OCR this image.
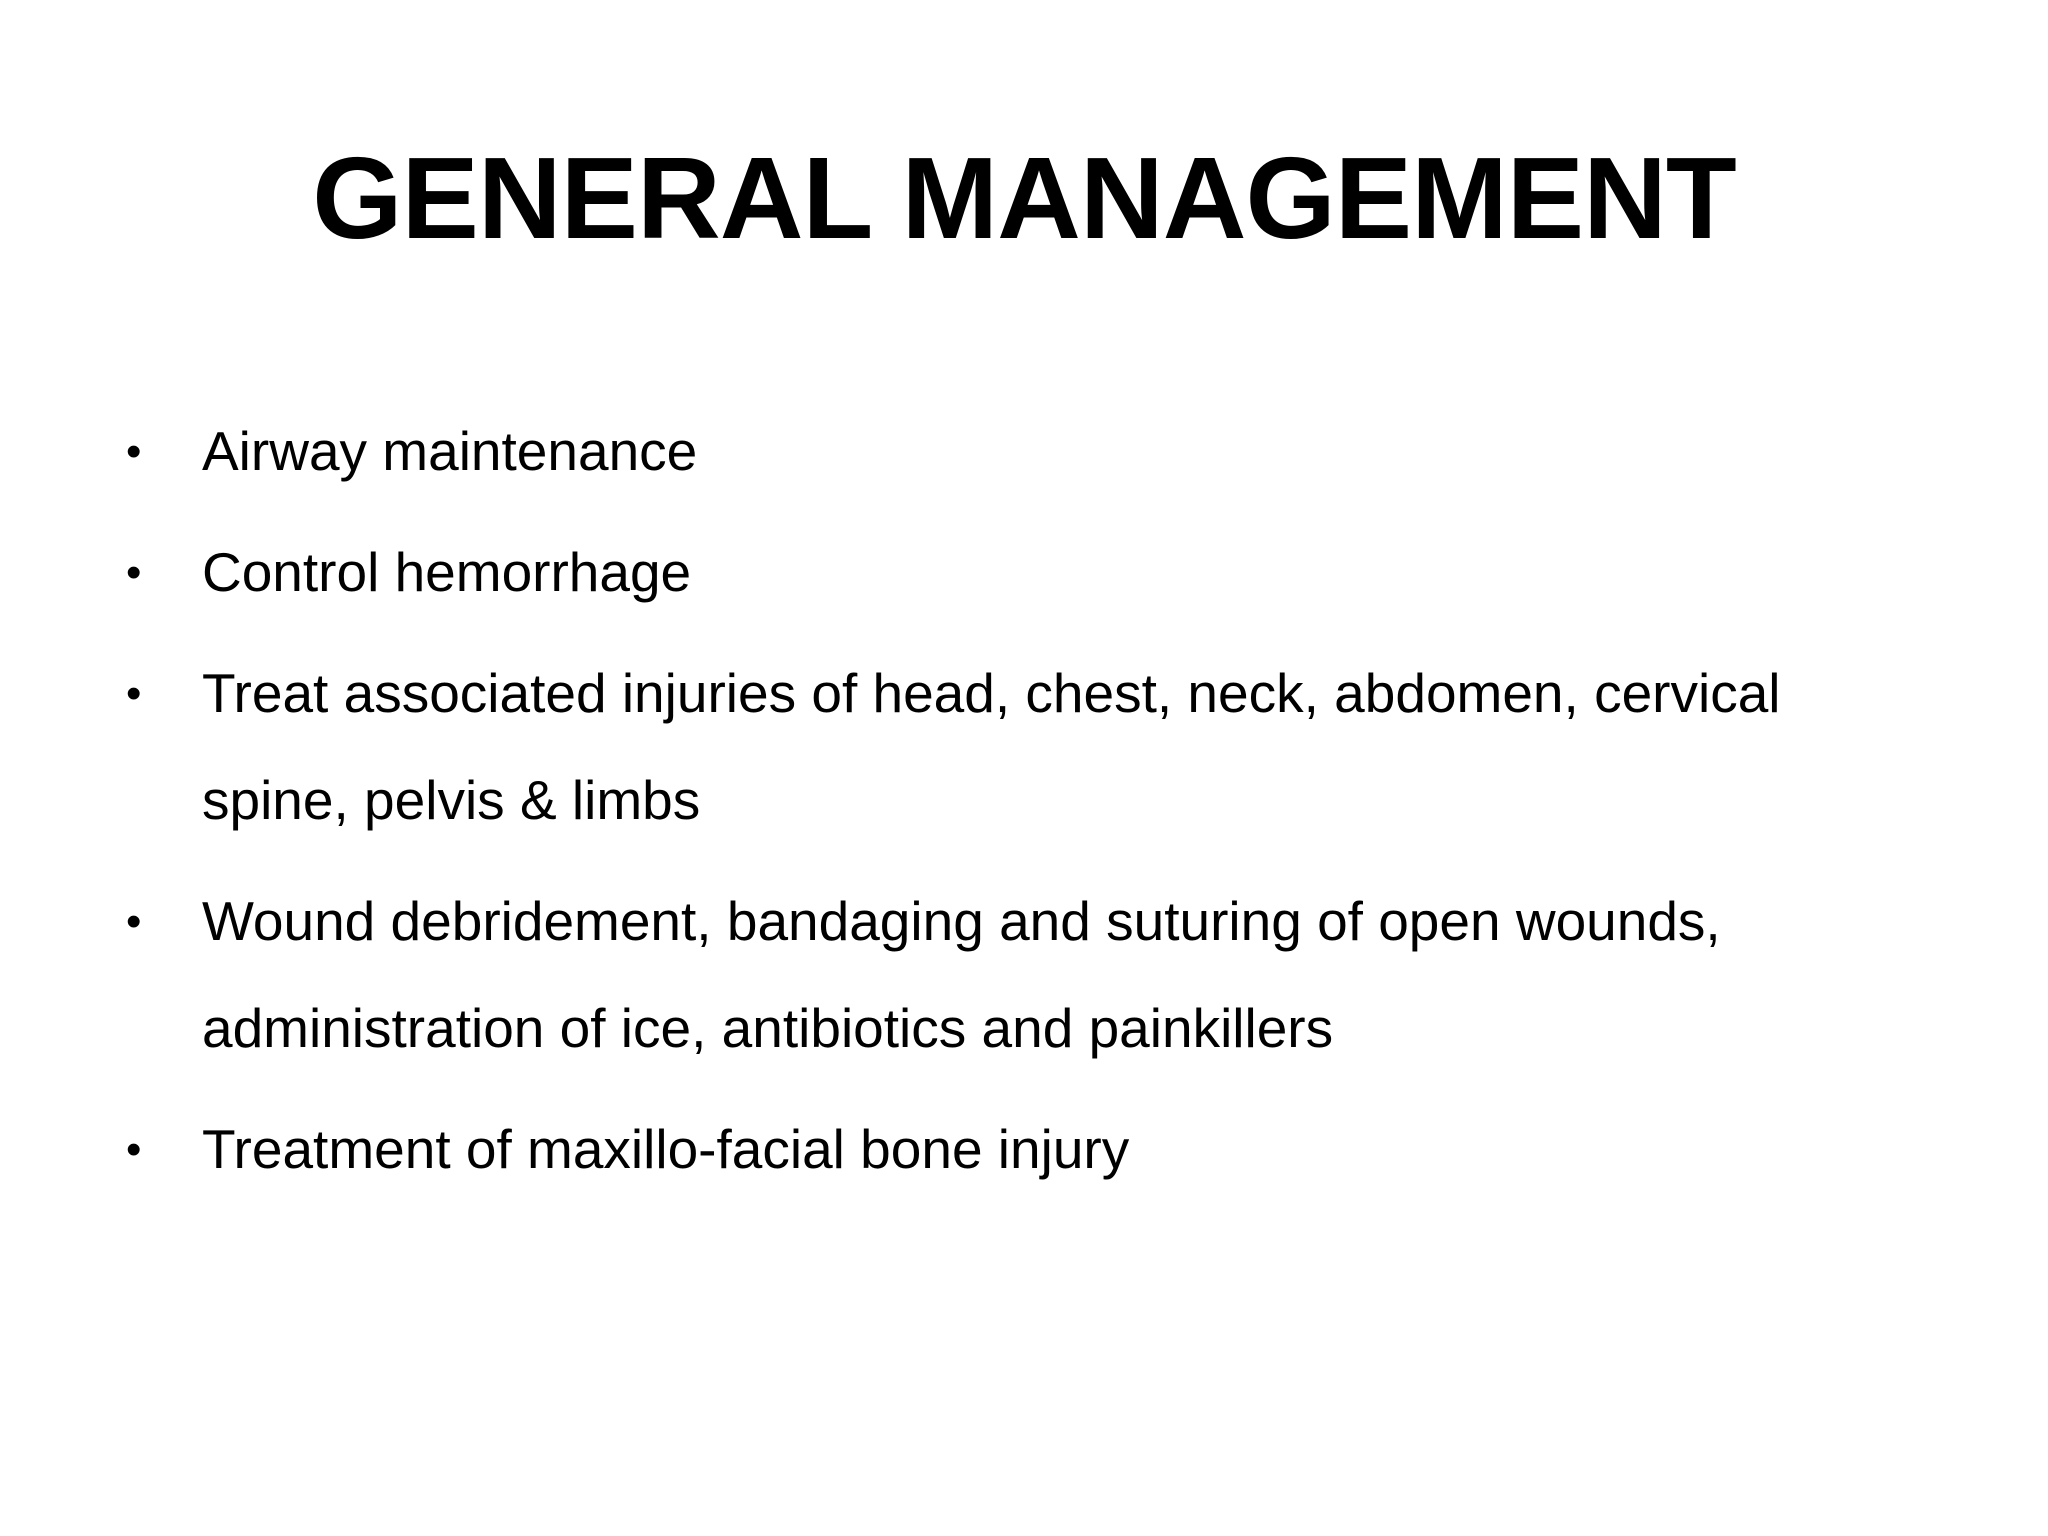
GENERAL MANAGEMENT
• Airway maintenance
• Control hemorrhage
• Treat associated injuries of head, chest, neck, abdomen, cervical spine, pelvis & limbs
• Wound debridement, bandaging and suturing of open wounds, administration of ice, antibiotics and painkillers
• Treatment of maxillo-facial bone injury
